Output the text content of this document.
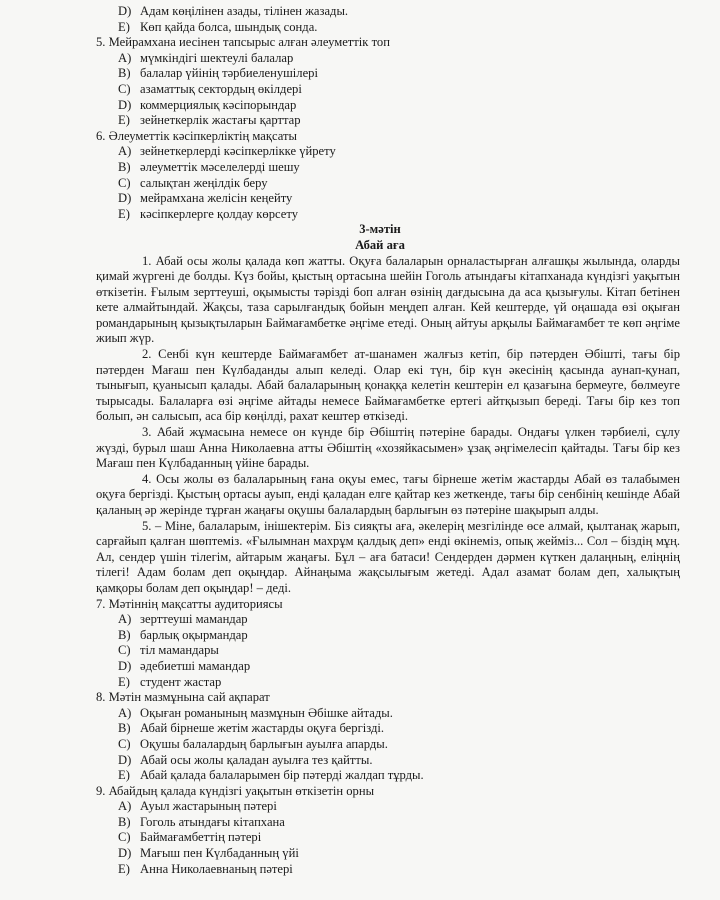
D) Адам көңілінен азады, тілінен жазады.
E) Көп қайда болса, шындық сонда.
5. Мейрамхана иесінен тапсырыс алған әлеуметтік топ
A) мүмкіндігі шектеулі балалар
B) балалар үйінің тәрбиеленушілері
C) азаматтық сектордың өкілдері
D) коммерциялық кәсіпорындар
E) зейнеткерлік жастағы қарттар
6. Әлеуметтік кәсіпкерліктің мақсаты
A) зейнеткерлерді кәсіпкерлікке үйрету
B) әлеуметтік мәселелерді шешу
C) салықтан жеңілдік беру
D) мейрамхана желісін кеңейту
E) кәсіпкерлерге қолдау көрсету
3-мәтін
Абай аға

1. Абай осы жолы қалада көп жатты. Оқуға балаларын орналастырған алғашқы жылында, оларды қимай жүргені де болды. Күз бойы, қыстың ортасына шейін Гоголь атындағы кітапханада күндізгі уақытын өткізетін. Ғылым зерттеуші, оқымысты тәрізді боп алған өзінің дағдысына да аса қызығулы. Кітап бетінен кете алмайтындай. Жақсы, таза сарылғандық бойын меңдеп алған. Кей кештерде, үй оңашада өзі оқыған романдарының қызықтыларын Баймағамбетке әңгіме етеді. Оның айтуы арқылы Баймағамбет те көп әңгіме жиып жүр.

2. Сенбі күн кештерде Баймағамбет ат-шанамен жалғыз кетіп, бір пәтерден Әбішті, тағы бір пәтерден Мағаш пен Күлбаданды алып келеді. Олар екі түн, бір күн әкесінің қасында аунап-қунап, тынығып, қуанысып қалады. Абай балаларының қонаққа келетін кештерін ел қазағына бермеуге, бөлмеуге тырысады. Балаларға өзі әңгіме айтады немесе Баймағамбетке ертегі айтқызып береді. Тағы бір кез топ болып, ән салысып, аса бір көңілді, рахат кештер өткізеді.

3. Абай жұмасына немесе он күнде бір Әбіштің пәтеріне барады. Ондағы үлкен тәрбиелі, сұлу жүзді, бурыл шаш Анна Николаевна атты Әбіштің «хозяйкасымен» ұзақ әңгімелесіп қайтады. Тағы бір кез Мағаш пен Күлбаданның үйіне барады.

4. Осы жолы өз балаларының ғана оқуы емес, тағы бірнеше жетім жастарды Абай өз талабымен оқуға бергізді. Қыстың ортасы ауып, енді қаладан елге қайтар кез жеткенде, тағы бір сенбінің кешінде Абай қаланың әр жерінде тұрған жаңағы оқушы балалардың барлығын өз пәтеріне шақырып алды.

5. – Міне, балаларым, інішектерім. Біз сияқты аға, әкелерің мезгілінде өсе алмай, қылтанақ жарып, сарғайып қалған шөптеміз. «Ғылымнан махрұм қалдық деп» енді өкінеміз, опық жейміз... Сол – біздің мұң. Ал, сендер үшін тілегім, айтарым жаңағы. Бұл – аға батаси! Сендерден дәрмен күткен далаңның, еліңнің тілегі! Адам болам деп оқыңдар. Айнаңыма жақсылығым жетеді. Адал азамат болам деп, халықтың қамқоры болам деп оқыңдар! – деді.

7. Мәтіннің мақсатты аудиториясы
A) зерттеуші мамандар
B) барлық оқырмандар
C) тіл мамандары
D) әдебиетші мамандар
E) студент жастар
8. Мәтін мазмұнына сай ақпарат
A) Оқыған романының мазмұнын Әбішке айтады.
B) Абай бірнеше жетім жастарды оқуға бергізді.
C) Оқушы балалардың барлығын ауылға апарды.
D) Абай осы жолы қаладан ауылға тез қайтты.
E) Абай қалада балаларымен бір пәтерді жалдап тұрды.
9. Абайдың қалада күндізгі уақытын өткізетін орны
A) Ауыл жастарының пәтері
B) Гоголь атындағы кітапхана
C) Баймағамбеттің пәтері
D) Мағыш пен Күлбаданның үйі
E) Анна Николаевнаның пәтері
